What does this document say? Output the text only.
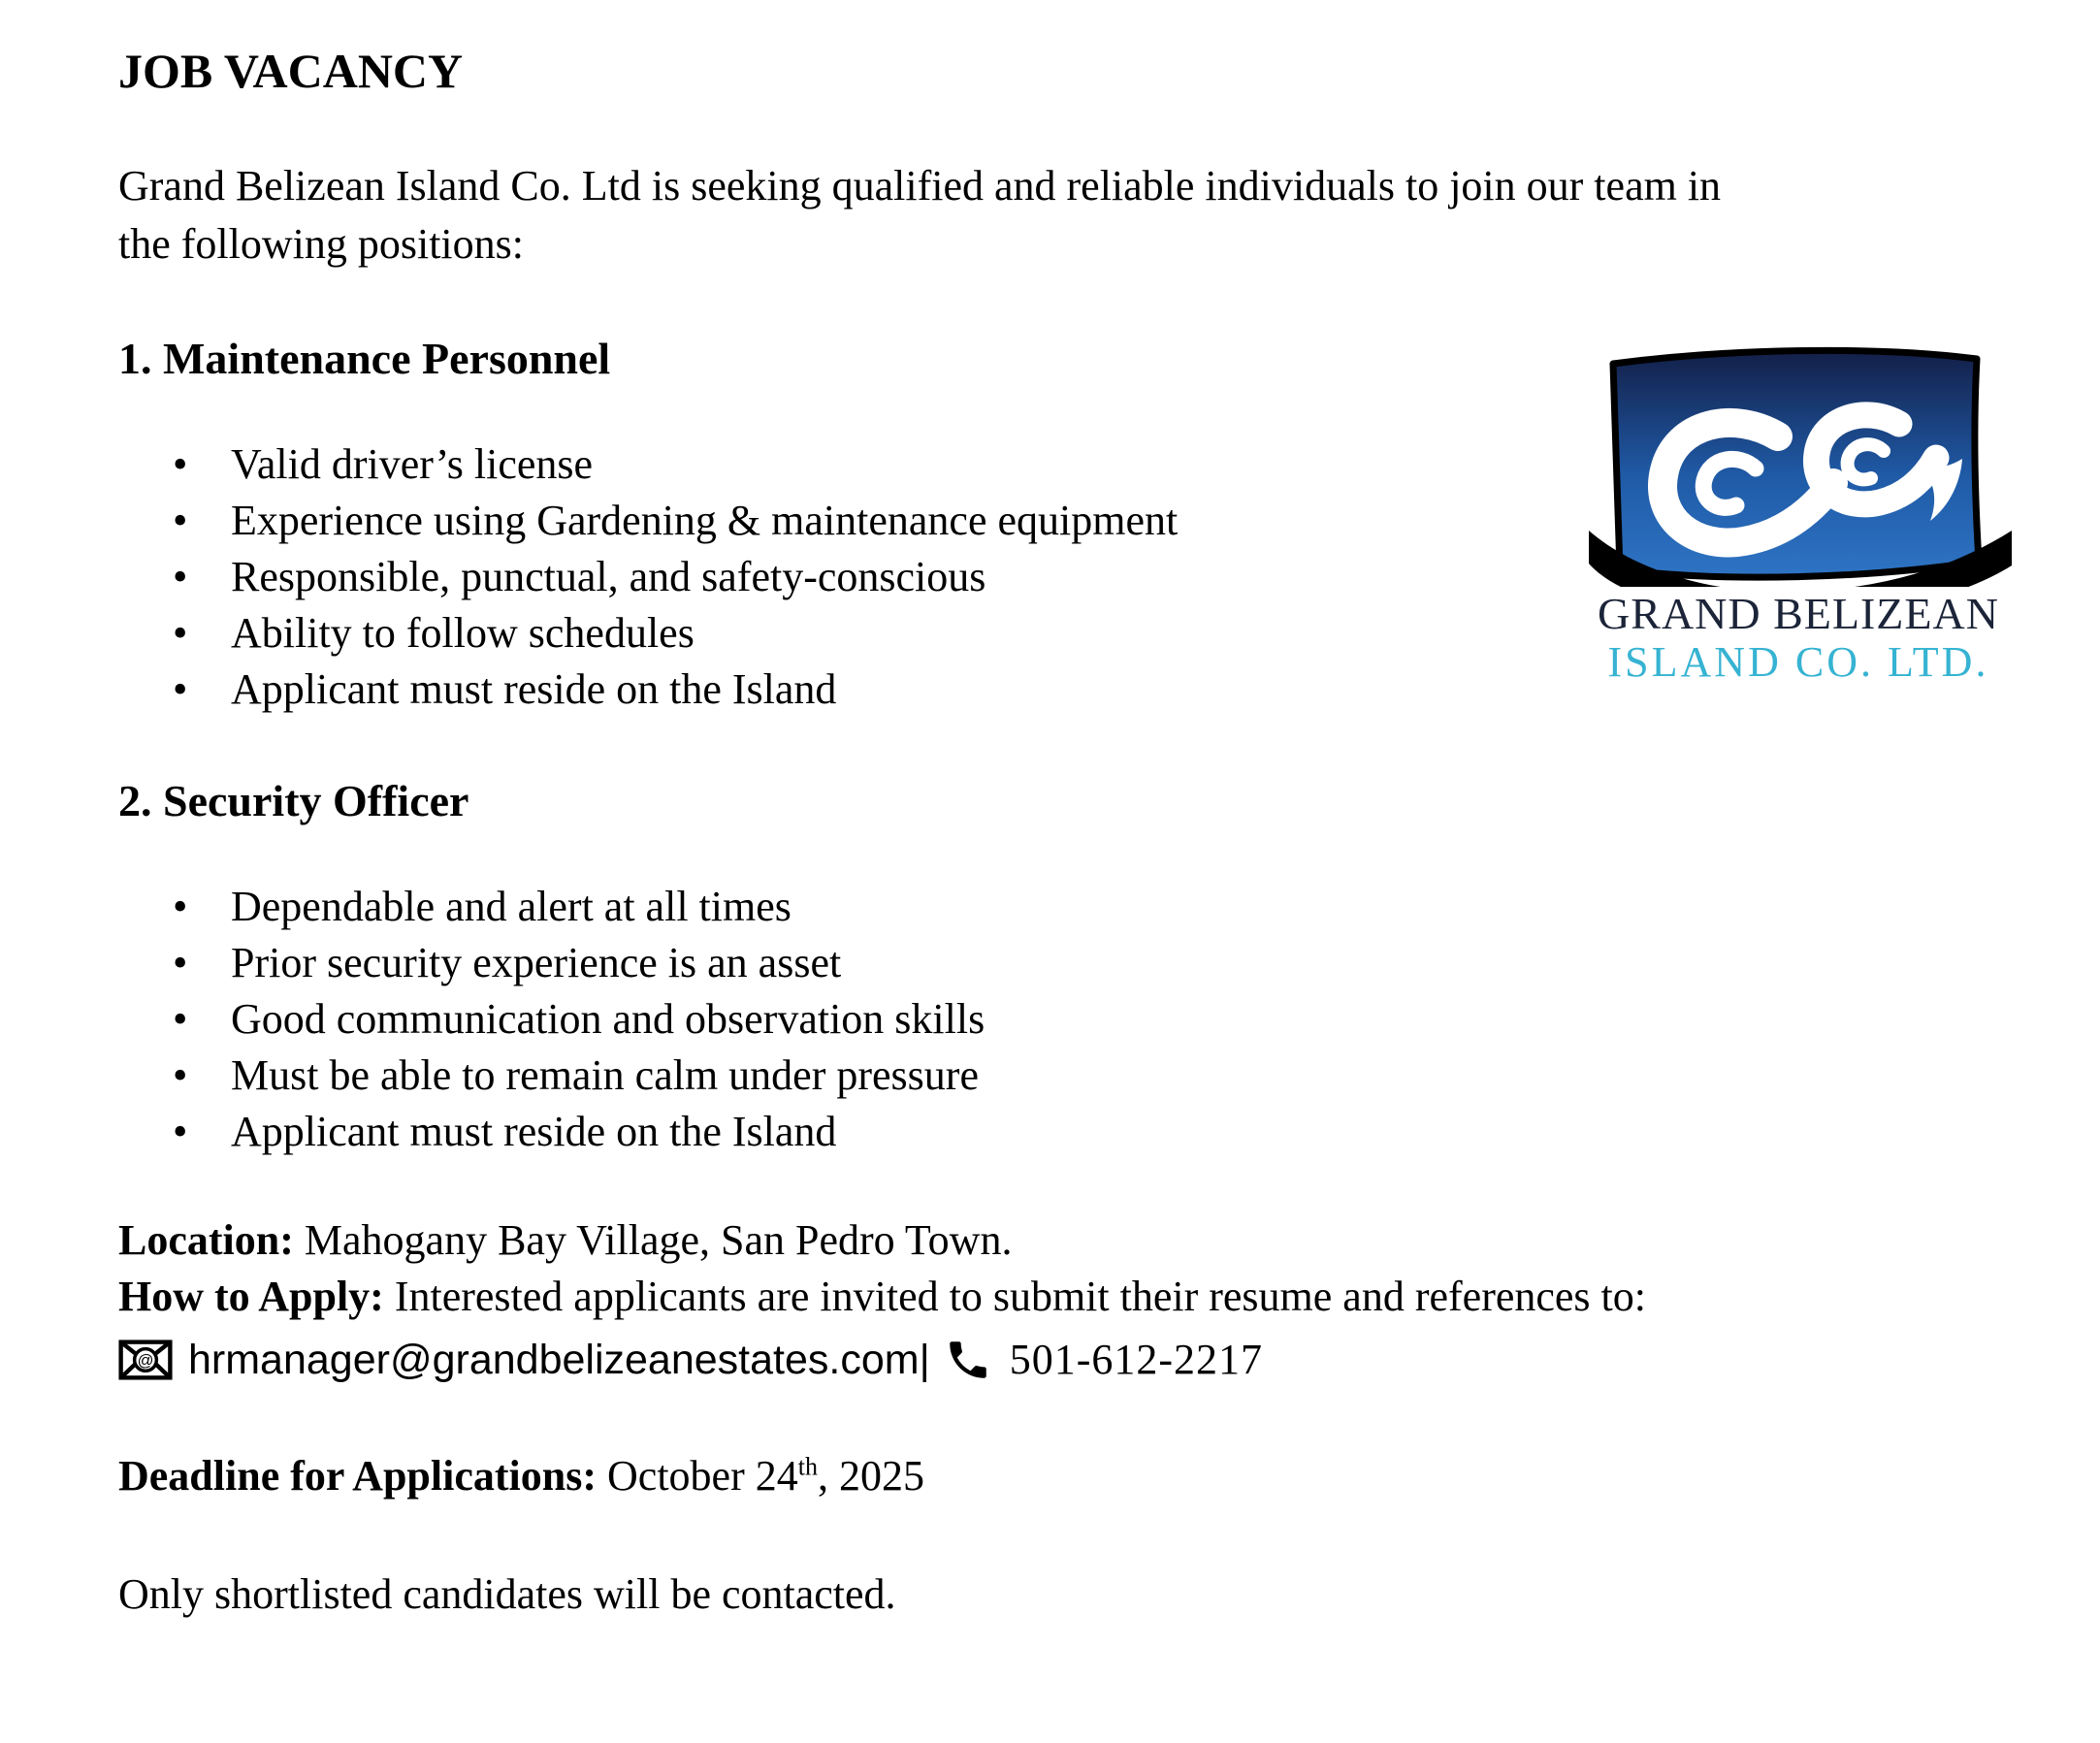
JOB VACANCY

Grand Belizean Island Co. Ltd is seeking qualified and reliable individuals to join our team in
the following positions:

1. Maintenance Personnel
• Valid driver’s license
• Experience using Gardening & maintenance equipment
• Responsible, punctual, and safety-conscious
• Ability to follow schedules
• Applicant must reside on the Island
2. Security Officer
• Dependable and alert at all times
• Prior security experience is an asset
• Good communication and observation skills
• Must be able to remain calm under pressure
• Applicant must reside on the Island
Location: Mahogany Bay Village, San Pedro Town.
How to Apply: Interested applicants are invited to submit their resume and references to:
@ hrmanager@grandbelizeanestates.com | 501-612-2217
Deadline for Applications: October 24th, 2025
Only shortlisted candidates will be contacted.
GRAND BELIZEAN
ISLAND CO. LTD.
